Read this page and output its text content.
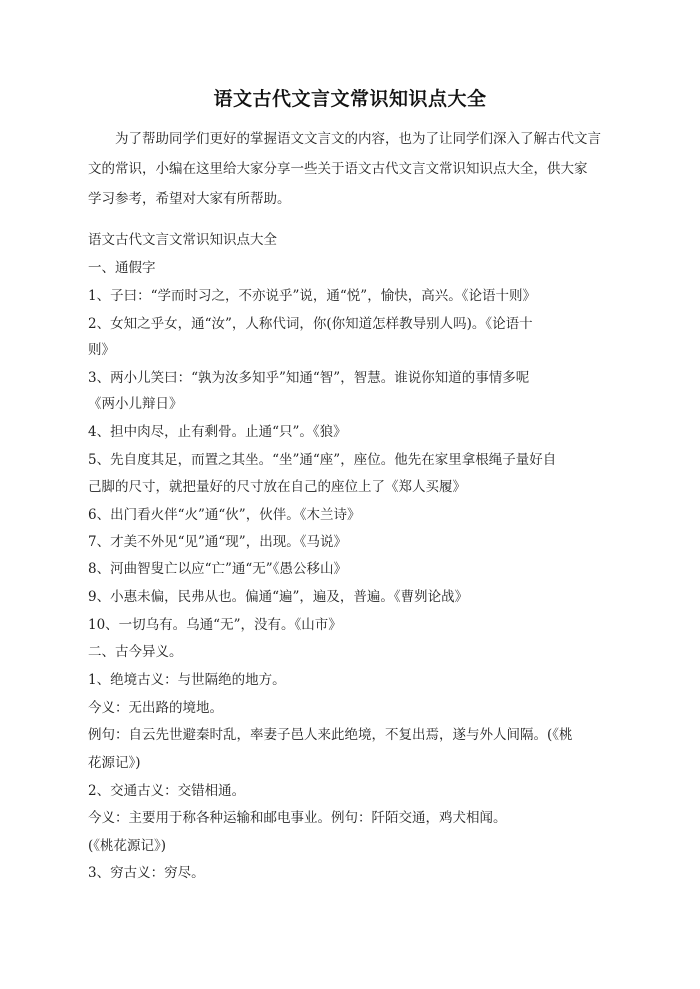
语文古代文言文常识知识点大全
为了帮助同学们更好的掌握语文文言文的内容，也为了让同学们深入了解古代文言
文的常识，小编在这里给大家分享一些关于语文古代文言文常识知识点大全，供大家
学习参考，希望对大家有所帮助。
语文古代文言文常识知识点大全
一、通假字
1、子曰：“学而时习之，不亦说乎”说，通“悦”，愉快，高兴。《论语十则》
2、女知之乎女，通“汝”，人称代词，你(你知道怎样教导别人吗)。《论语十
则》
3、两小儿笑曰：“孰为汝多知乎”知通“智”，智慧。谁说你知道的事情多呢
《两小儿辩日》
4、担中肉尽，止有剩骨。止通“只”。《狼》
5、先自度其足，而置之其坐。“坐”通“座”，座位。他先在家里拿根绳子量好自
己脚的尺寸，就把量好的尺寸放在自己的座位上了《郑人买履》
6、出门看火伴“火”通“伙”，伙伴。《木兰诗》
7、才美不外见“见”通“现”，出现。《马说》
8、河曲智叟亡以应“亡”通“无”《愚公移山》
9、小惠未偏，民弗从也。偏通“遍”，遍及，普遍。《曹刿论战》
10、一切乌有。乌通“无”，没有。《山市》
二、古今异义。
1、绝境古义：与世隔绝的地方。
今义：无出路的境地。
例句：自云先世避秦时乱，率妻子邑人来此绝境，不复出焉，遂与外人间隔。(《桃
花源记》)
2、交通古义：交错相通。
今义：主要用于称各种运输和邮电事业。例句：阡陌交通，鸡犬相闻。
(《桃花源记》)
3、穷古义：穷尽。
